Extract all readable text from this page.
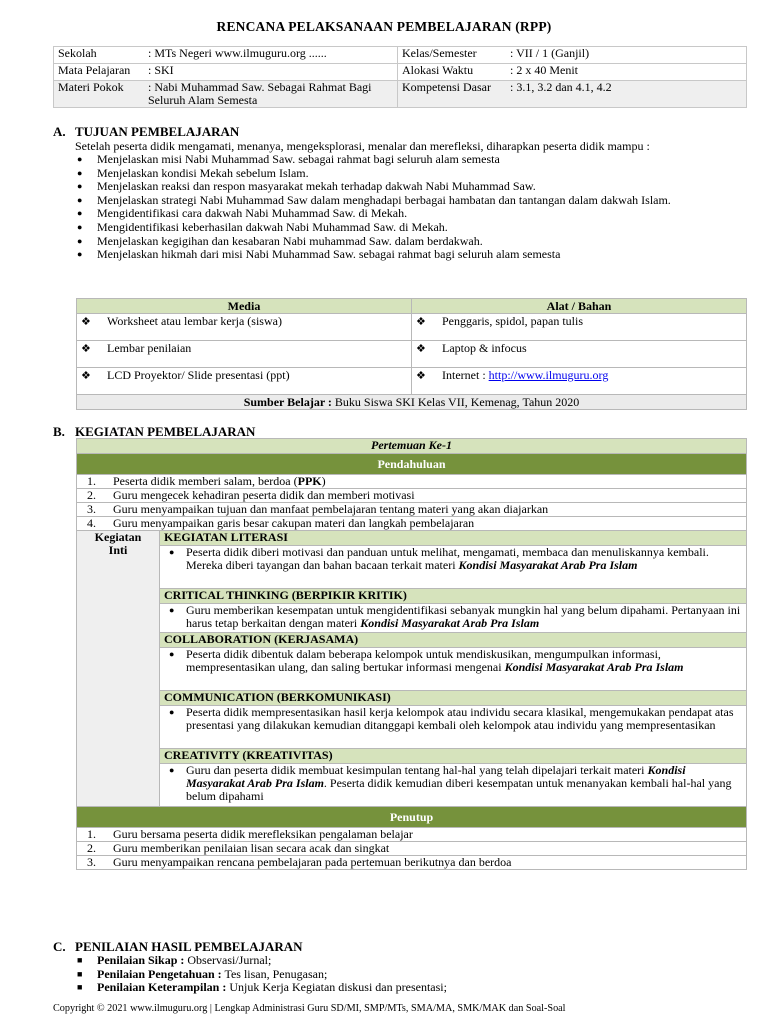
RENCANA PELAKSANAAN PEMBELAJARAN (RPP)
Sekolah	: MTs Negeri www.ilmuguru.org ......	Kelas/Semester	: VII / 1 (Ganjil)
Mata Pelajaran	: SKI	Alokasi Waktu	: 2 x 40 Menit
Materi Pokok	: Nabi Muhammad Saw. Sebagai Rahmat Bagi Seluruh Alam Semesta	Kompetensi Dasar	: 3.1, 3.2 dan 4.1, 4.2
A. TUJUAN PEMBELAJARAN
Setelah peserta didik mengamati, menanya, mengeksplorasi, menalar dan merefleksi, diharapkan peserta didik mampu :
● Menjelaskan misi Nabi Muhammad Saw. sebagai rahmat bagi seluruh alam semesta
● Menjelaskan kondisi Mekah sebelum Islam.
● Menjelaskan reaksi dan respon masyarakat mekah terhadap dakwah Nabi Muhammad Saw.
● Menjelaskan strategi Nabi Muhammad Saw dalam menghadapi berbagai hambatan dan tantangan dalam dakwah Islam.
● Mengidentifikasi cara dakwah Nabi Muhammad Saw. di Mekah.
● Mengidentifikasi keberhasilan dakwah Nabi Muhammad Saw. di Mekah.
● Menjelaskan kegigihan dan kesabaran Nabi muhammad Saw. dalam berdakwah.
● Menjelaskan hikmah dari misi Nabi Muhammad Saw. sebagai rahmat bagi seluruh alam semesta
Media	Alat / Bahan
❖ Worksheet atau lembar kerja (siswa)	❖ Penggaris, spidol, papan tulis
❖ Lembar penilaian	❖ Laptop & infocus
❖ LCD Proyektor/ Slide presentasi (ppt)	❖ Internet : http://www.ilmuguru.org
Sumber Belajar : Buku Siswa SKI Kelas VII, Kemenag, Tahun 2020	
B. KEGIATAN PEMBELAJARAN
Pertemuan Ke-1
Pendahuluan
1. Peserta didik memberi salam, berdoa (PPK)
2. Guru mengecek kehadiran peserta didik dan memberi motivasi
3. Guru menyampaikan tujuan dan manfaat pembelajaran tentang materi yang akan diajarkan
4. Guru menyampaikan garis besar cakupan materi dan langkah pembelajaran

Kegiatan Inti
	KEGIATAN LITERASI

● Peserta didik diberi motivasi dan panduan untuk melihat, mengamati, membaca dan menuliskannya kembali. Mereka diberi tayangan dan bahan bacaan terkait materi Kondisi Masyarakat Arab Pra Islam
CRITICAL THINKING (BERPIKIR KRITIK)

● Guru memberikan kesempatan untuk mengidentifikasi sebanyak mungkin hal yang belum dipahami. Pertanyaan ini harus tetap berkaitan dengan materi Kondisi Masyarakat Arab Pra Islam
COLLABORATION (KERJASAMA)

● Peserta didik dibentuk dalam beberapa kelompok untuk mendiskusikan, mengumpulkan informasi, mempresentasikan ulang, dan saling bertukar informasi mengenai Kondisi Masyarakat Arab Pra Islam
COMMUNICATION (BERKOMUNIKASI)

● Peserta didik mempresentasikan hasil kerja kelompok atau individu secara klasikal, mengemukakan pendapat atas presentasi yang dilakukan kemudian ditanggapi kembali oleh kelompok atau individu yang mempresentasikan
CREATIVITY (KREATIVITAS)

● Guru dan peserta didik membuat kesimpulan tentang hal-hal yang telah dipelajari terkait materi Kondisi Masyarakat Arab Pra Islam. Peserta didik kemudian diberi kesempatan untuk menanyakan kembali hal-hal yang belum dipahami
Penutup
1. Guru bersama peserta didik merefleksikan pengalaman belajar
2. Guru memberikan penilaian lisan secara acak dan singkat
3. Guru menyampaikan rencana pembelajaran pada pertemuan berikutnya dan berdoa
C. PENILAIAN HASIL PEMBELAJARAN
■ Penilaian Sikap : Observasi/Jurnal;
■ Penilaian Pengetahuan : Tes lisan, Penugasan;
■ Penilaian Keterampilan : Unjuk Kerja Kegiatan diskusi dan presentasi;
Copyright © 2021 www.ilmuguru.org | Lengkap Administrasi Guru SD/MI, SMP/MTs, SMA/MA, SMK/MAK dan Soal-Soal
